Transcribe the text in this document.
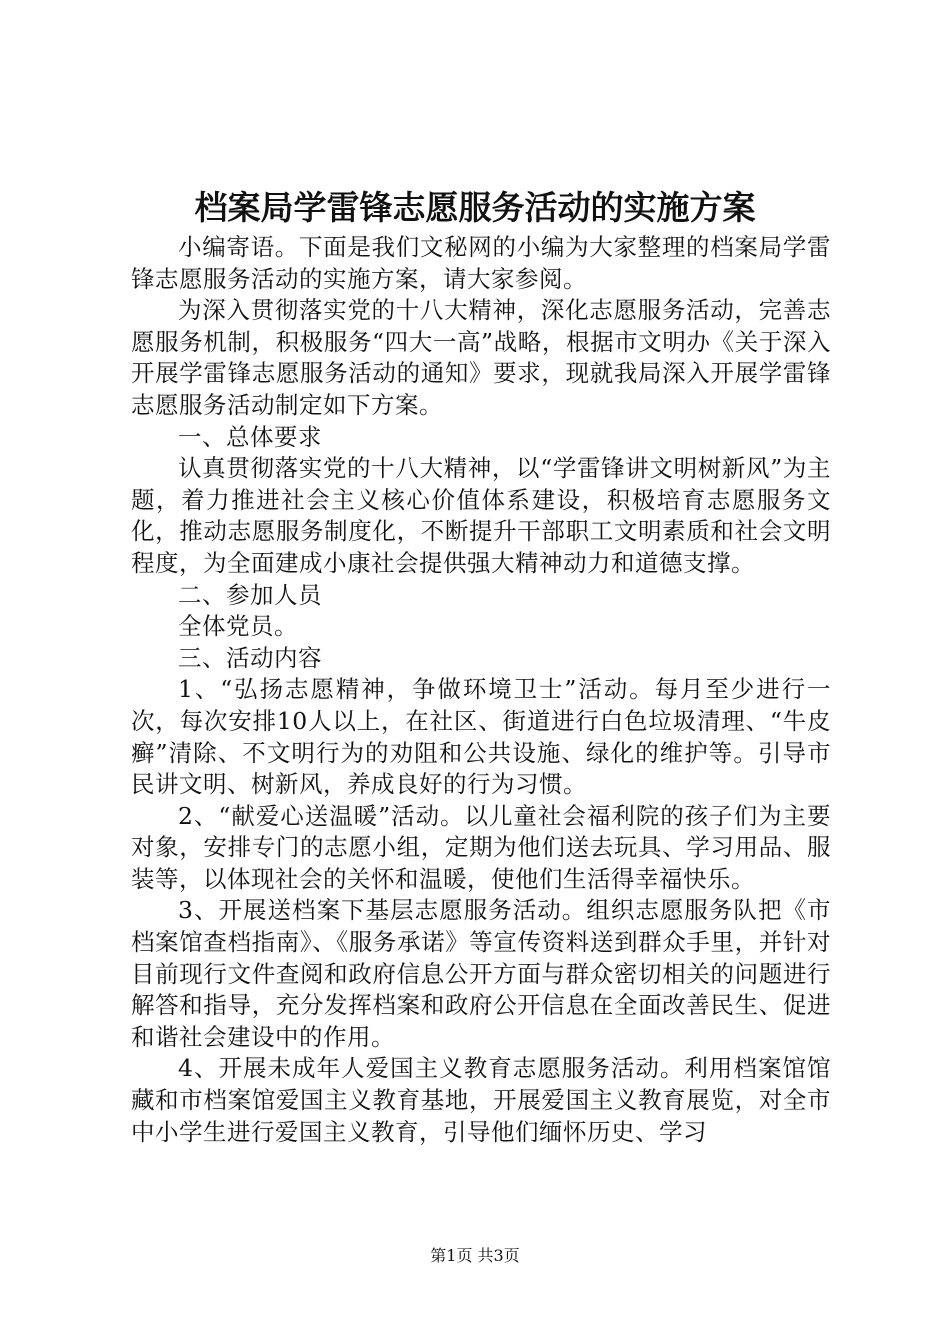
档案局学雷锋志愿服务活动的实施方案

小编寄语。下面是我们文秘网的小编为大家整理的档案局学雷锋志愿服务活动的实施方案，请大家参阅。

为深入贯彻落实党的十八大精神，深化志愿服务活动，完善志愿服务机制，积极服务“四大一高”战略，根据市文明办《关于深入开展学雷锋志愿服务活动的通知》要求，现就我局深入开展学雷锋志愿服务活动制定如下方案。

一、总体要求

认真贯彻落实党的十八大精神，以“学雷锋讲文明树新风”为主题，着力推进社会主义核心价值体系建设，积极培育志愿服务文化，推动志愿服务制度化，不断提升干部职工文明素质和社会文明程度，为全面建成小康社会提供强大精神动力和道德支撑。

二、参加人员

全体党员。

三、活动内容

1、“弘扬志愿精神，争做环境卫士”活动。每月至少进行一次，每次安排10人以上，在社区、街道进行白色垃圾清理、“牛皮癣”清除、不文明行为的劝阻和公共设施、绿化的维护等。引导市民讲文明、树新风，养成良好的行为习惯。

2、“献爱心送温暖”活动。以儿童社会福利院的孩子们为主要对象，安排专门的志愿小组，定期为他们送去玩具、学习用品、服装等，以体现社会的关怀和温暖，使他们生活得幸福快乐。

3、开展送档案下基层志愿服务活动。组织志愿服务队把《市档案馆查档指南》、《服务承诺》等宣传资料送到群众手里，并针对目前现行文件查阅和政府信息公开方面与群众密切相关的问题进行解答和指导，充分发挥档案和政府公开信息在全面改善民生、促进和谐社会建设中的作用。

4、开展未成年人爱国主义教育志愿服务活动。利用档案馆馆藏和市档案馆爱国主义教育基地，开展爱国主义教育展览，对全市中小学生进行爱国主义教育，引导他们缅怀历史、学习

第1页 共3页
